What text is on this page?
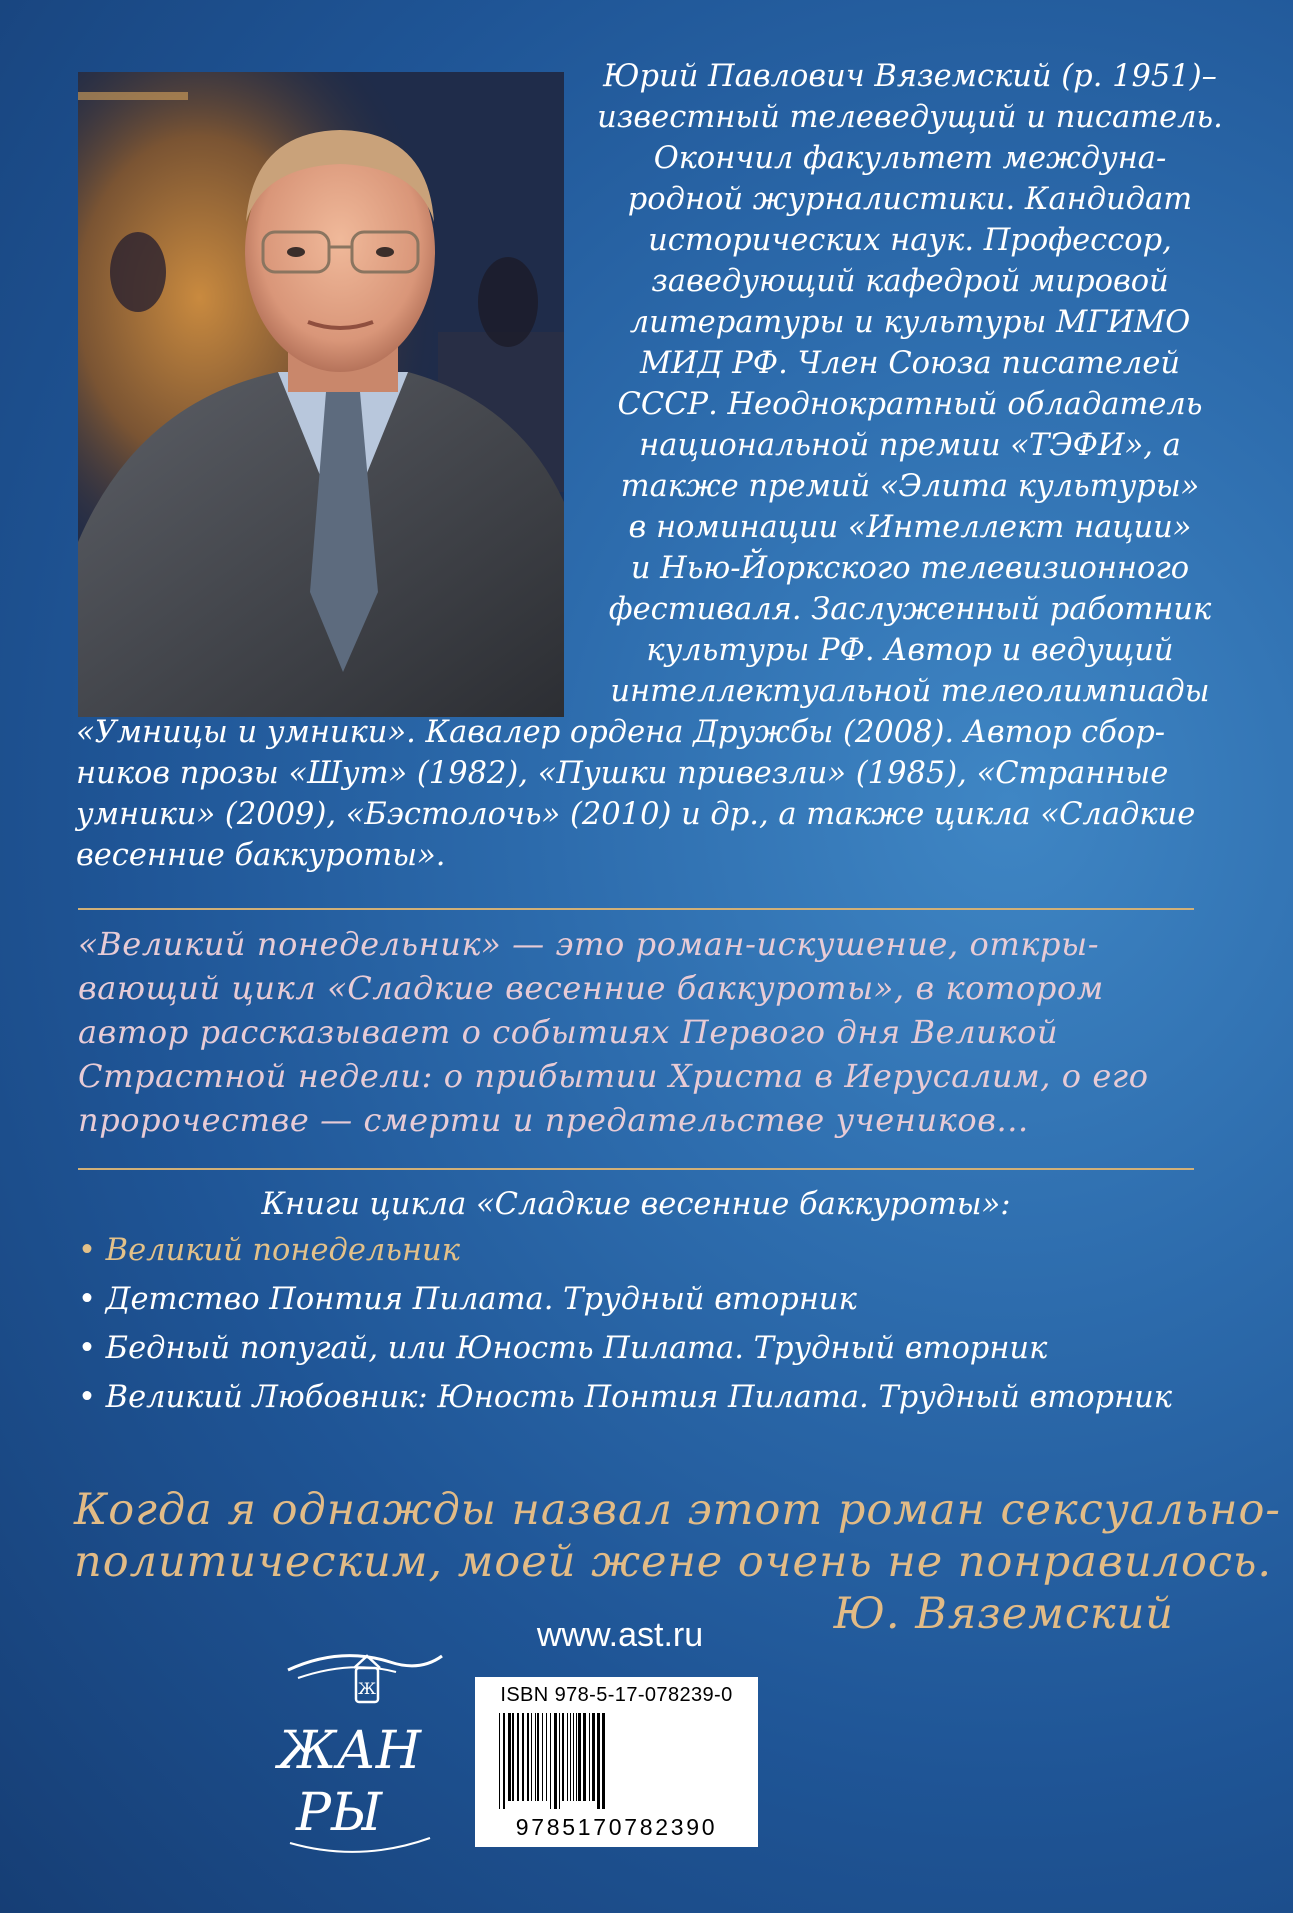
Юрий Павлович Вяземский (р. 1951)–
известный телеведущий и писатель.
Окончил факультет междуна-
родной журналистики. Кандидат
исторических наук. Профессор,
заведующий кафедрой мировой
литературы и культуры МГИМО
МИД РФ. Член Союза писателей
СССР. Неоднократный обладатель
национальной премии «ТЭФИ», а
также премий «Элита культуры»
в номинации «Интеллект нации»
и Нью-Йоркского телевизионного
фестиваля. Заслуженный работник
культуры РФ. Автор и ведущий
интеллектуальной телеолимпиады
«Умницы и умники». Кавалер ордена Дружбы (2008). Автор сбор-
ников прозы «Шут» (1982), «Пушки привезли» (1985), «Странные
умники» (2009), «Бэстолочь» (2010) и др., а также цикла «Сладкие
весенние баккуроты».
«Великий понедельник» — это роман-искушение, откры-
вающий цикл «Сладкие весенние баккуроты», в котором
автор рассказывает о событиях Первого дня Великой
Страстной недели: о прибытии Христа в Иерусалим, о его
пророчестве — смерти и предательстве учеников...
Книги цикла «Сладкие весенние баккуроты»:
• Великий понедельник
• Детство Понтия Пилата. Трудный вторник
• Бедный попугай, или Юность Пилата. Трудный вторник
• Великий Любовник: Юность Понтия Пилата. Трудный вторник
Когда я однажды назвал этот роман сексуально-
политическим, моей жене очень не понравилось.
Ю. Вяземский
www.ast.ru
Ж
ЖАН
РЫ
ISBN 978-5-17-078239-0
9785170782390
